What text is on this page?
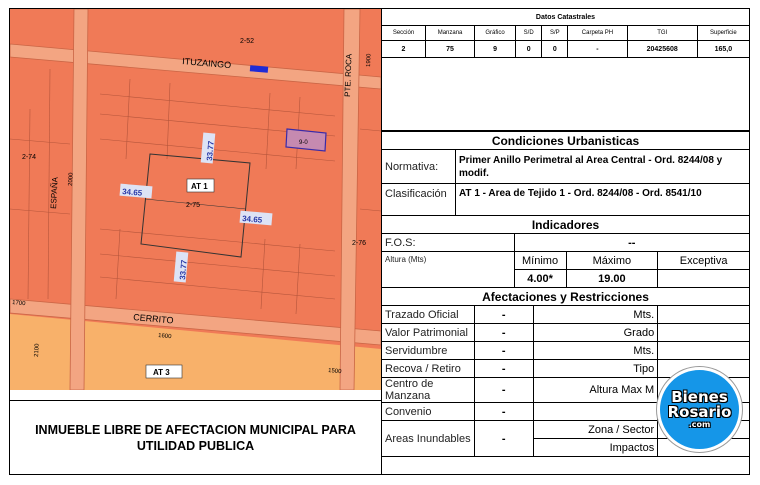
ITUZAINGO	PTE. ROCA 1900
ESPAÑA 2000
CERRITO
1600
1500
1700
2100
2-52
2-74
2-75
2-76
AT 1
AT 3
9-0
33.77
34.65
34.65
33.77
INMUEBLE LIBRE DE AFECTACION MUNICIPAL PARA UTILIDAD PUBLICA
Datos Catastrales							
Sección	Manzana	Gráfico	S/D	S/P	Carpeta PH	TGI	Superficie
2	75	9	0	0	-	20425608	165,0
Condiciones Urbanisticas						
Normativa:	Primer Anillo Perimetral al Area Central - Ord. 8244/08 y modif.					
Clasificación	AT 1 - Area de Tejido 1 - Ord. 8244/08 - Ord. 8541/10					
Indicadores						
F.O.S:			--			
Altura (Mts)			Mínimo		Máximo	Exceptiva
			4.00*		19.00	
Afectaciones y Restricciones						
Trazado Oficial		-		Mts.		
Valor Patrimonial		-		Grado		
Servidumbre		-		Mts.		
Recova / Retiro		-		Tipo		
Centro de Manzana		-		Altura Max M		
Convenio		-				
Areas Inundables		-		Zona / Sector		
				Impactos		
Bienes
Rosario
.com
